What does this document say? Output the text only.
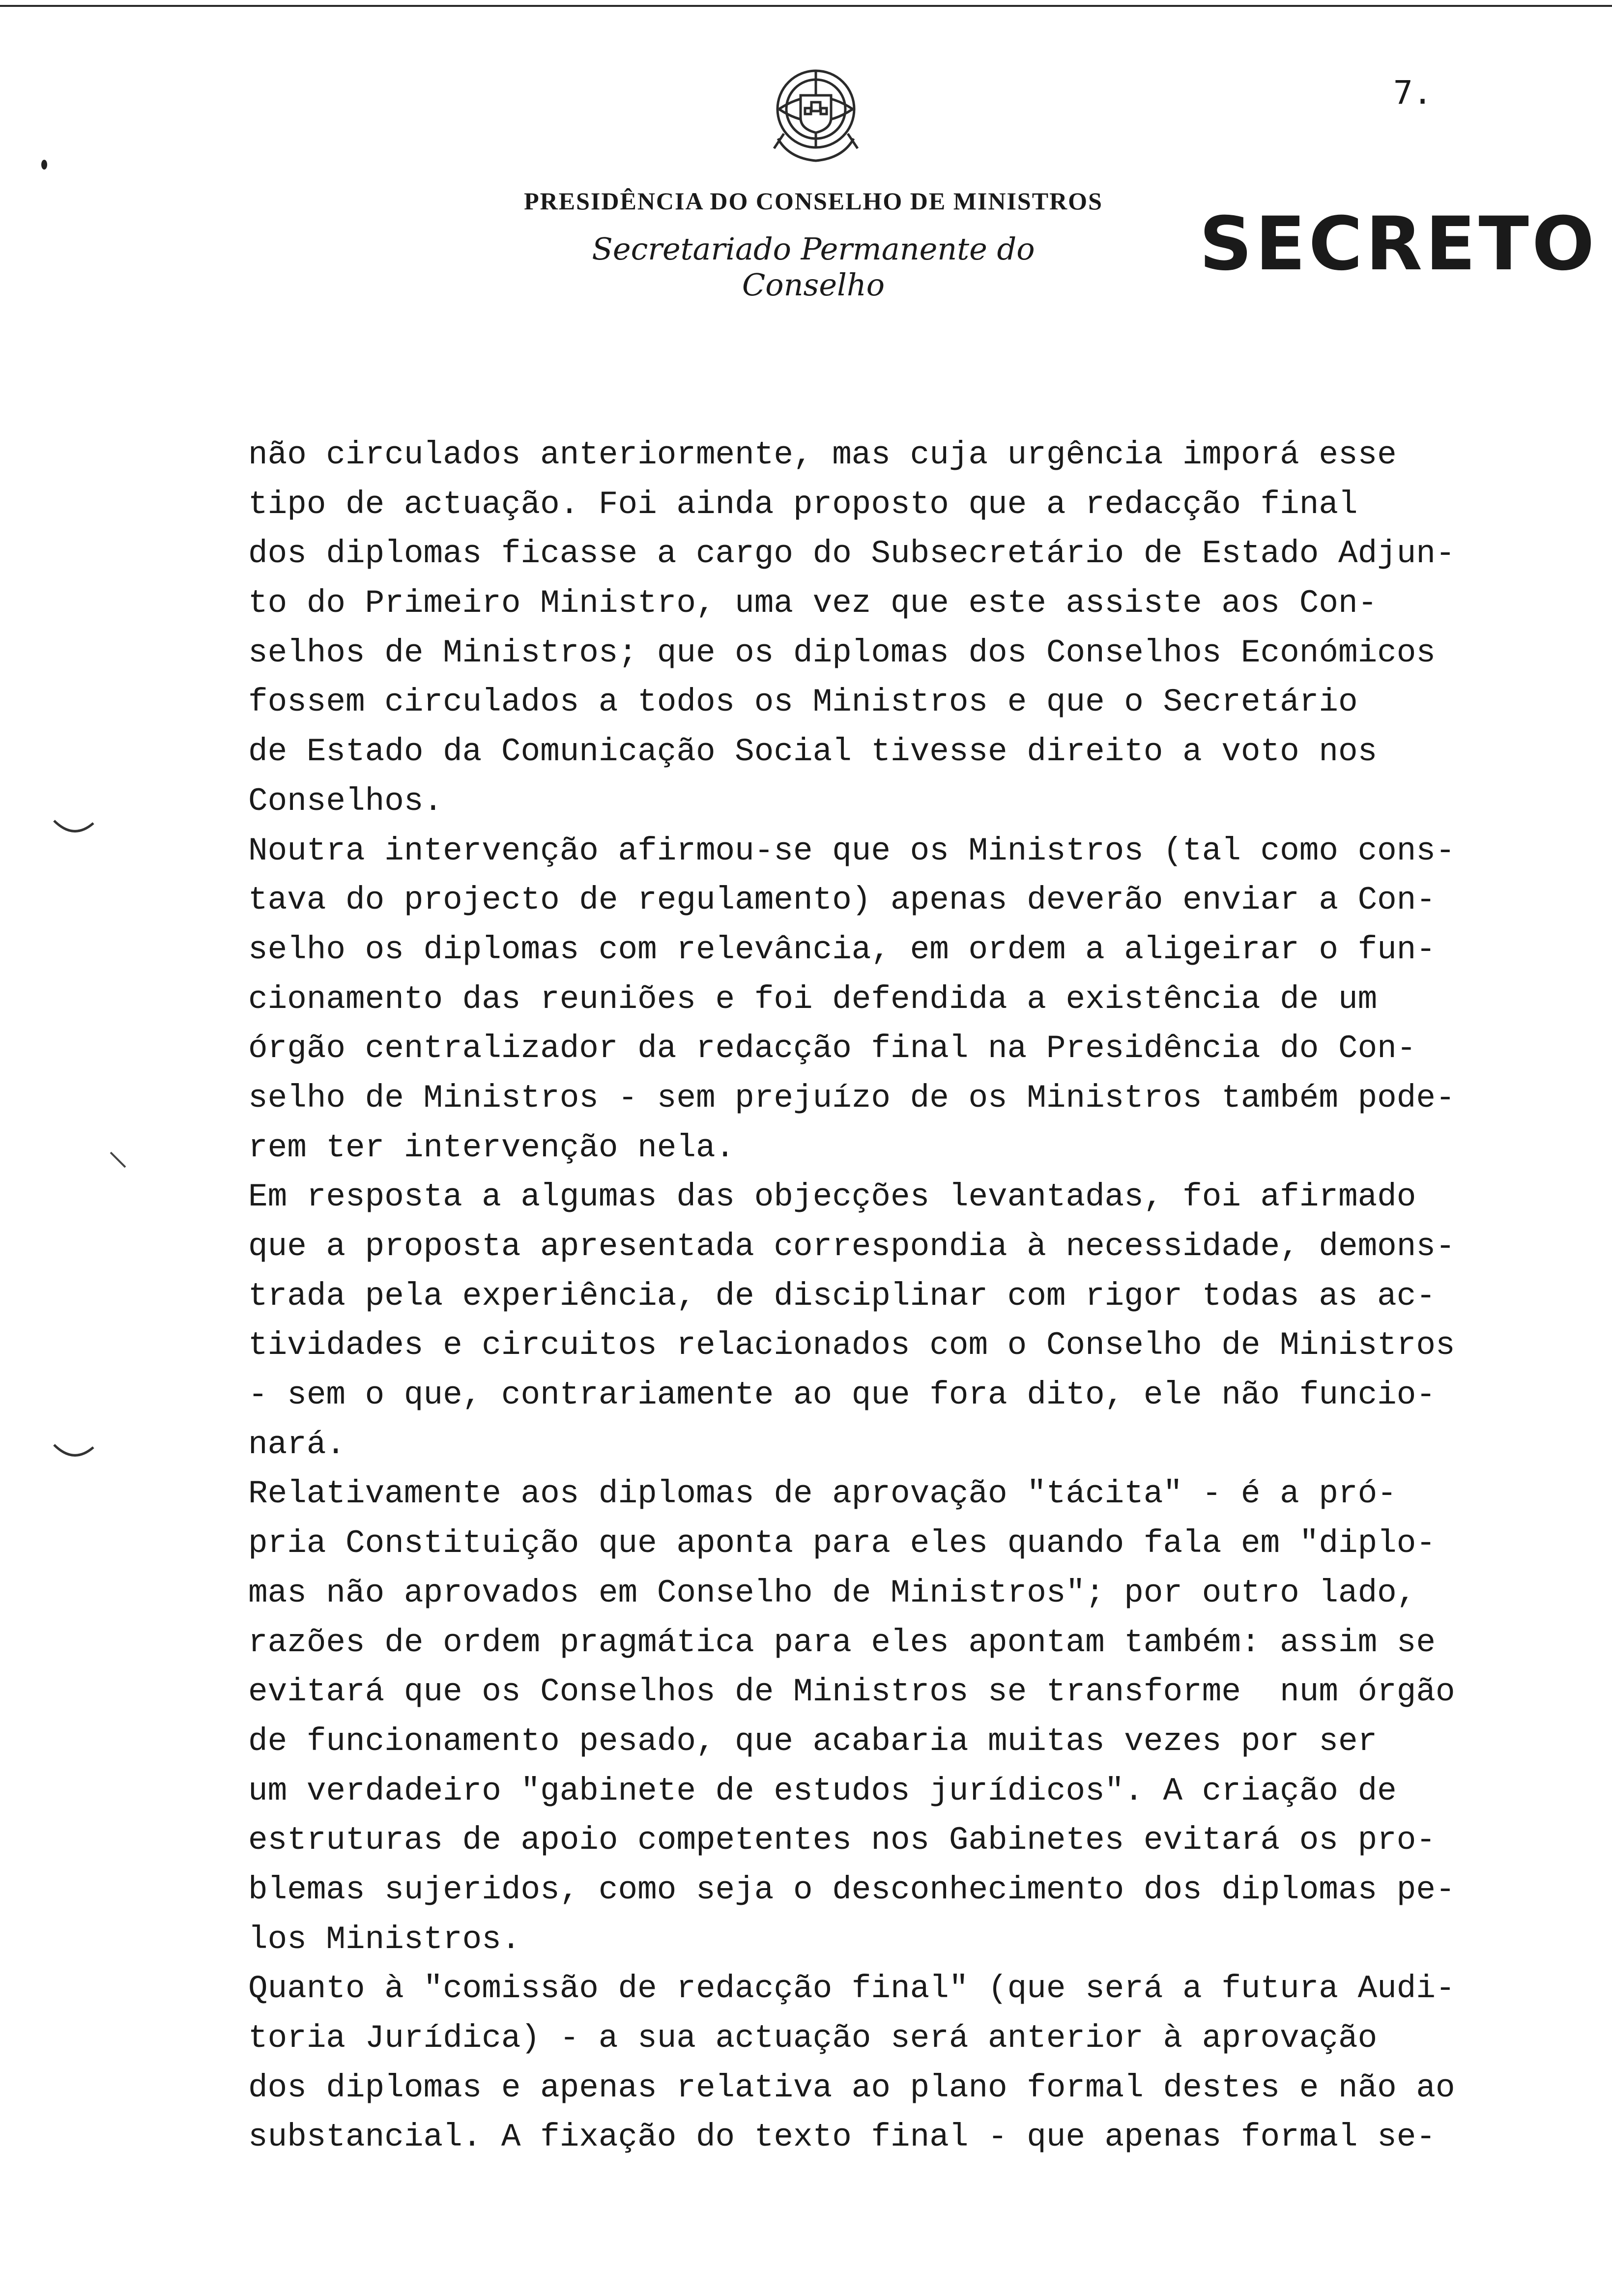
7.
PRESIDÊNCIA DO CONSELHO DE MINISTROS
Secretariado Permanente do Conselho	SECRETO
não circulados anteriormente, mas cuja urgência imporá esse
tipo de actuação. Foi ainda proposto que a redacção final
dos diplomas ficasse a cargo do Subsecretário de Estado Adjun-
to do Primeiro Ministro, uma vez que este assiste aos Con-
selhos de Ministros; que os diplomas dos Conselhos Económicos
fossem circulados a todos os Ministros e que o Secretário
de Estado da Comunicação Social tivesse direito a voto nos
Conselhos.
Noutra intervenção afirmou-se que os Ministros (tal como cons-
tava do projecto de regulamento) apenas deverão enviar a Con-
selho os diplomas com relevância, em ordem a aligeirar o fun-
cionamento das reuniões e foi defendida a existência de um
órgão centralizador da redacção final na Presidência do Con-
selho de Ministros - sem prejuízo de os Ministros também pode-
rem ter intervenção nela.
Em resposta a algumas das objecções levantadas, foi afirmado
que a proposta apresentada correspondia à necessidade, demons-
trada pela experiência, de disciplinar com rigor todas as ac-
tividades e circuitos relacionados com o Conselho de Ministros
- sem o que, contrariamente ao que fora dito, ele não funcio-
nará.
Relativamente aos diplomas de aprovação "tácita" - é a pró-
pria Constituição que aponta para eles quando fala em "diplo-
mas não aprovados em Conselho de Ministros"; por outro lado,
razões de ordem pragmática para eles apontam também: assim se
evitará que os Conselhos de Ministros se transforme  num órgão
de funcionamento pesado, que acabaria muitas vezes por ser
um verdadeiro "gabinete de estudos jurídicos". A criação de
estruturas de apoio competentes nos Gabinetes evitará os pro-
blemas sujeridos, como seja o desconhecimento dos diplomas pe-
los Ministros.
Quanto à "comissão de redacção final" (que será a futura Audi-
toria Jurídica) - a sua actuação será anterior à aprovação
dos diplomas e apenas relativa ao plano formal destes e não ao
substancial. A fixação do texto final - que apenas formal se-
